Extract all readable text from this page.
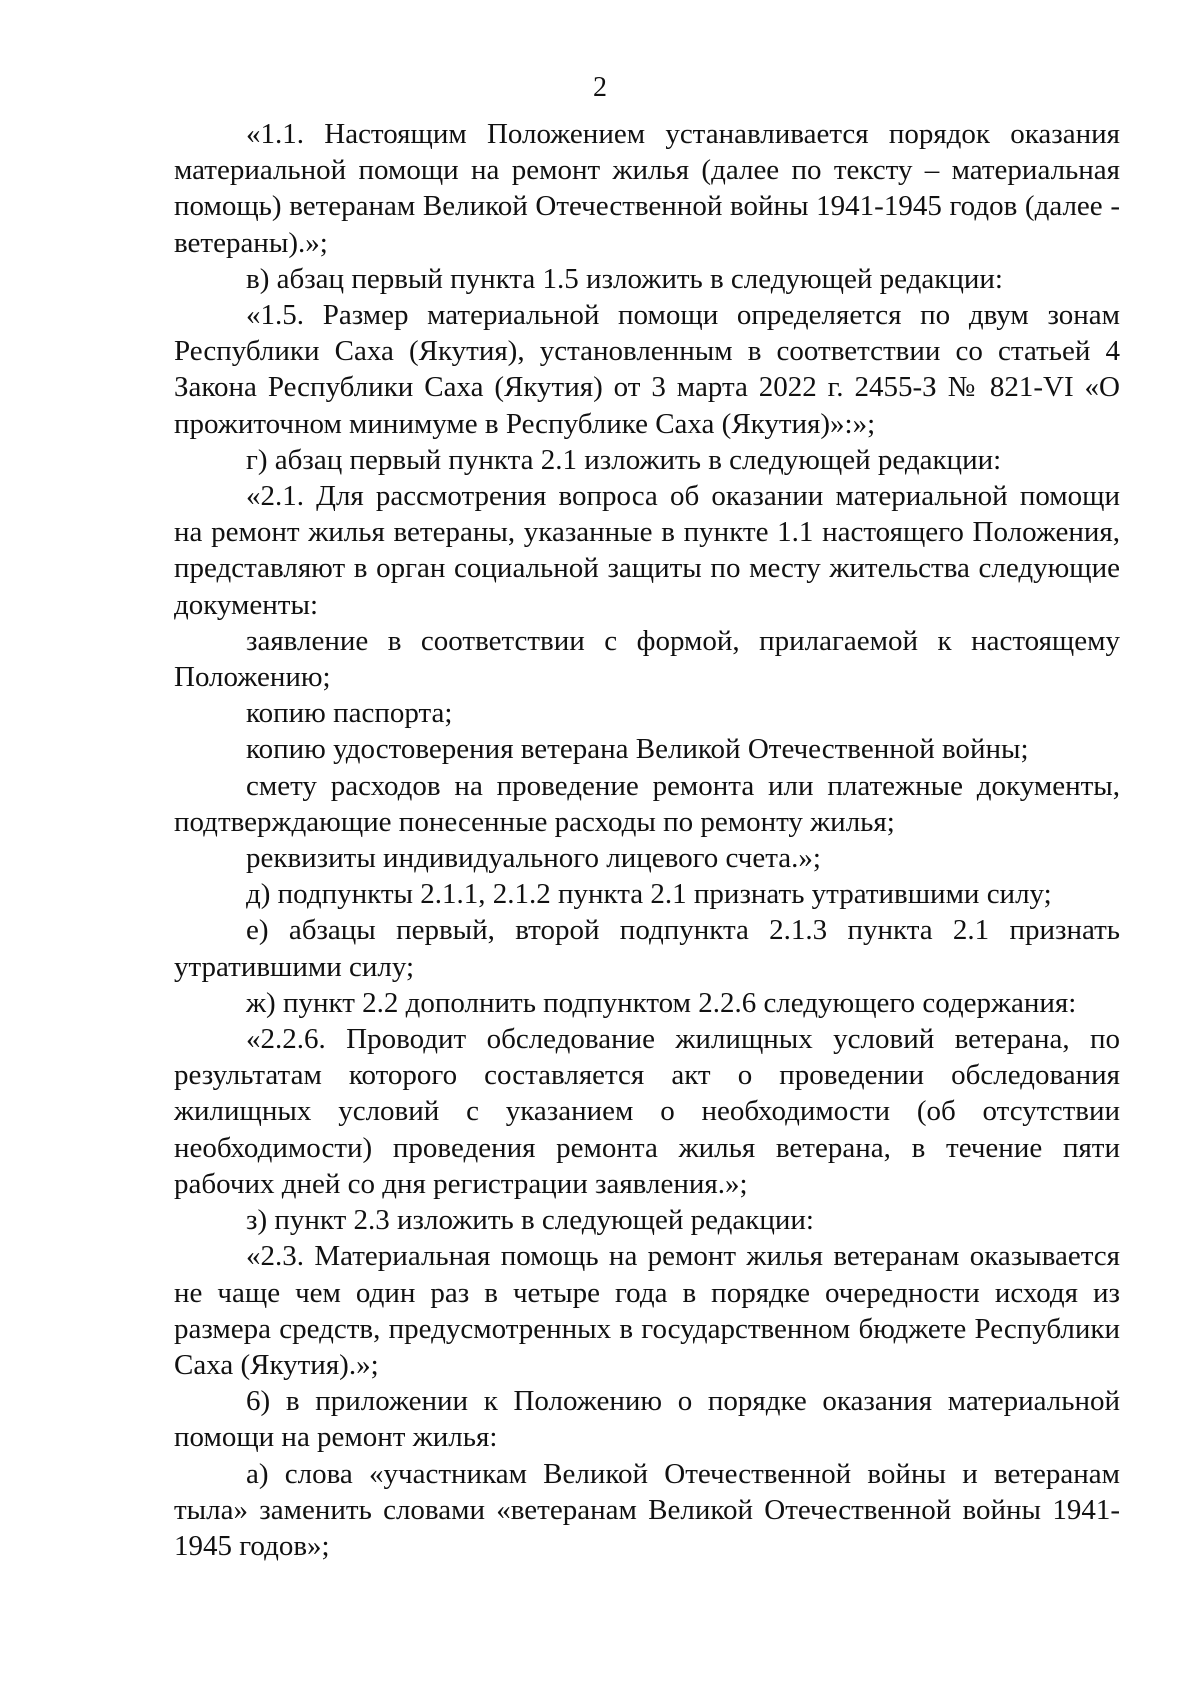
2

«1.1. Настоящим Положением устанавливается порядок оказания материальной помощи на ремонт жилья (далее по тексту – материальная помощь) ветеранам Великой Отечественной войны 1941-1945 годов (далее - ветераны).»;

в) абзац первый пункта 1.5 изложить в следующей редакции:

«1.5. Размер материальной помощи определяется по двум зонам Республики Саха (Якутия), установленным в соответствии со статьей 4 Закона Республики Саха (Якутия) от 3 марта 2022 г. 2455-З № 821-VI «О прожиточном минимуме в Республике Саха (Якутия)»:»;

г) абзац первый пункта 2.1 изложить в следующей редакции:

«2.1. Для рассмотрения вопроса об оказании материальной помощи на ремонт жилья ветераны, указанные в пункте 1.1 настоящего Положения, представляют в орган социальной защиты по месту жительства следующие документы:

заявление в соответствии с формой, прилагаемой к настоящему Положению;

копию паспорта;

копию удостоверения ветерана Великой Отечественной войны;

смету расходов на проведение ремонта или платежные документы, подтверждающие понесенные расходы по ремонту жилья;

реквизиты индивидуального лицевого счета.»;

д) подпункты 2.1.1, 2.1.2 пункта 2.1 признать утратившими силу;

е) абзацы первый, второй подпункта 2.1.3 пункта 2.1 признать утратившими силу;

ж) пункт 2.2 дополнить подпунктом 2.2.6 следующего содержания:

«2.2.6. Проводит обследование жилищных условий ветерана, по результатам которого составляется акт о проведении обследования жилищных условий с указанием о необходимости (об отсутствии необходимости) проведения ремонта жилья ветерана, в течение пяти рабочих дней со дня регистрации заявления.»;

з) пункт 2.3 изложить в следующей редакции:

«2.3. Материальная помощь на ремонт жилья ветеранам оказывается не чаще чем один раз в четыре года в порядке очередности исходя из размера средств, предусмотренных в государственном бюджете Республики Саха (Якутия).»;

6) в приложении к Положению о порядке оказания материальной помощи на ремонт жилья:

а) слова «участникам Великой Отечественной войны и ветеранам тыла» заменить словами «ветеранам Великой Отечественной войны 1941-1945 годов»;
